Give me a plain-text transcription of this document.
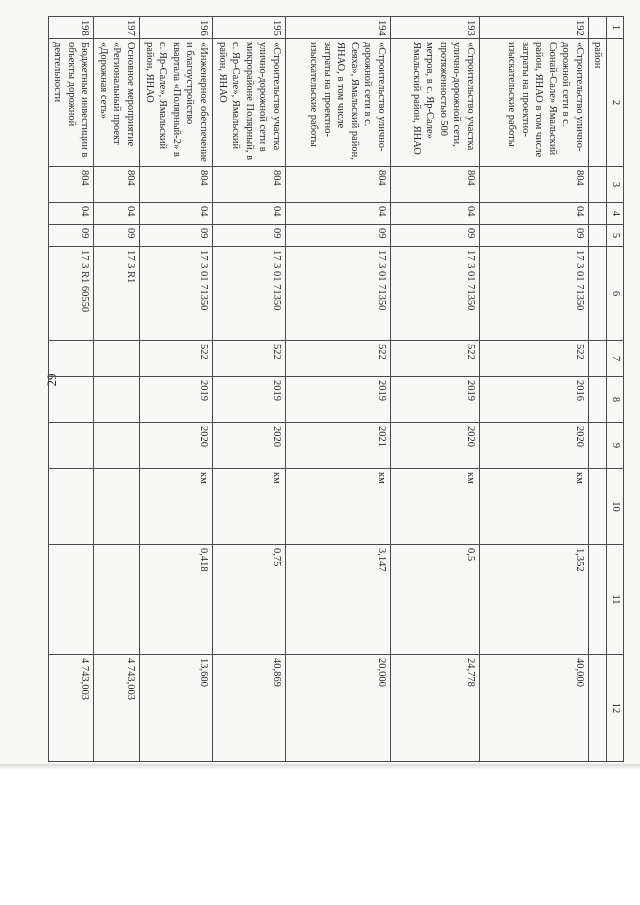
29
1	2	3	4	5	6	7	8	9	10	11	12
	район										
192	«Строительство улично-дорожной сети в с. Сюнай-Сале» Ямальский район, ЯНАО в том числе затраты на проектно-изыскательские работы	804	04	09	17 3 01 71350	522	2016	2020	км	1,352	40,000
193	«Строительство участка улично-дорожной сети, протяженностью 500 метров, в с. Яр-Сале» Ямальский район, ЯНАО	804	04	09	17 3 01 71350	522	2019	2020	км	0,5	24,778
194	«Строительство улично-дорожной сети в с. Сеяха», Ямальский район, ЯНАО, в том числе затраты на проектно-изыскательские работы	804	04	09	17 3 01 71350	522	2019	2021	км	3,147	20,000
195	«Строительство участка улично-дорожной сети в микрорайоне Полярный, в с. Яр-Сале», Ямальский район, ЯНАО	804	04	09	17 3 01 71350	522	2019	2020	км	0,75	40,869
196	«Инженерное обеспечение и благоустройство квартала «Полярный-2» в с. Яр-Сале», Ямальский район, ЯНАО	804	04	09	17 3 01 71350	522	2019	2020	км	0,418	13,600
197	Основное мероприятие «Региональный проект «Дорожная сеть»	804	04	09	17 3 R1						4 743,003
198	Бюджетные инвестиции в объекты дорожной деятельности	804	04	09	17 3 R1 60550						4 743,003
